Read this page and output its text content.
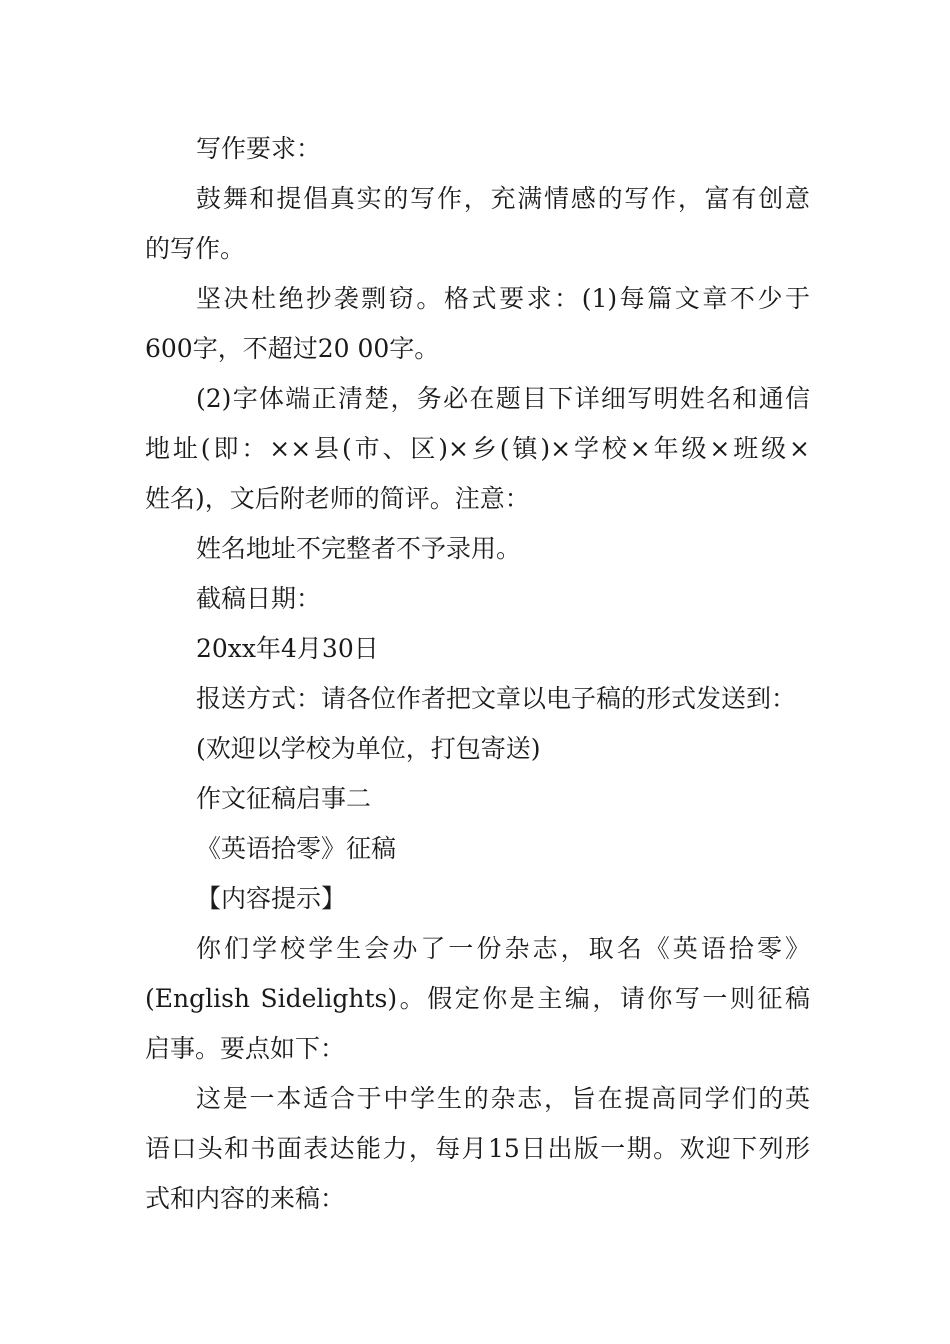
写作要求：
鼓舞和提倡真实的写作，充满情感的写作，富有创意
的写作。
坚决杜绝抄袭剽窃。格式要求：(1)每篇文章不少于
600字，不超过20 00字。
(2)字体端正清楚，务必在题目下详细写明姓名和通信
地址(即：××县(市、区)×乡(镇)×学校×年级×班级×
姓名)，文后附老师的简评。注意：
姓名地址不完整者不予录用。
截稿日期：
20xx年4月30日
报送方式：请各位作者把文章以电子稿的形式发送到：
(欢迎以学校为单位，打包寄送)
作文征稿启事二
《英语拾零》征稿
【内容提示】
你们学校学生会办了一份杂志，取名《英语拾零》
(English Sidelights)。假定你是主编，请你写一则征稿
启事。要点如下：
这是一本适合于中学生的杂志，旨在提高同学们的英
语口头和书面表达能力，每月15日出版一期。欢迎下列形
式和内容的来稿：
